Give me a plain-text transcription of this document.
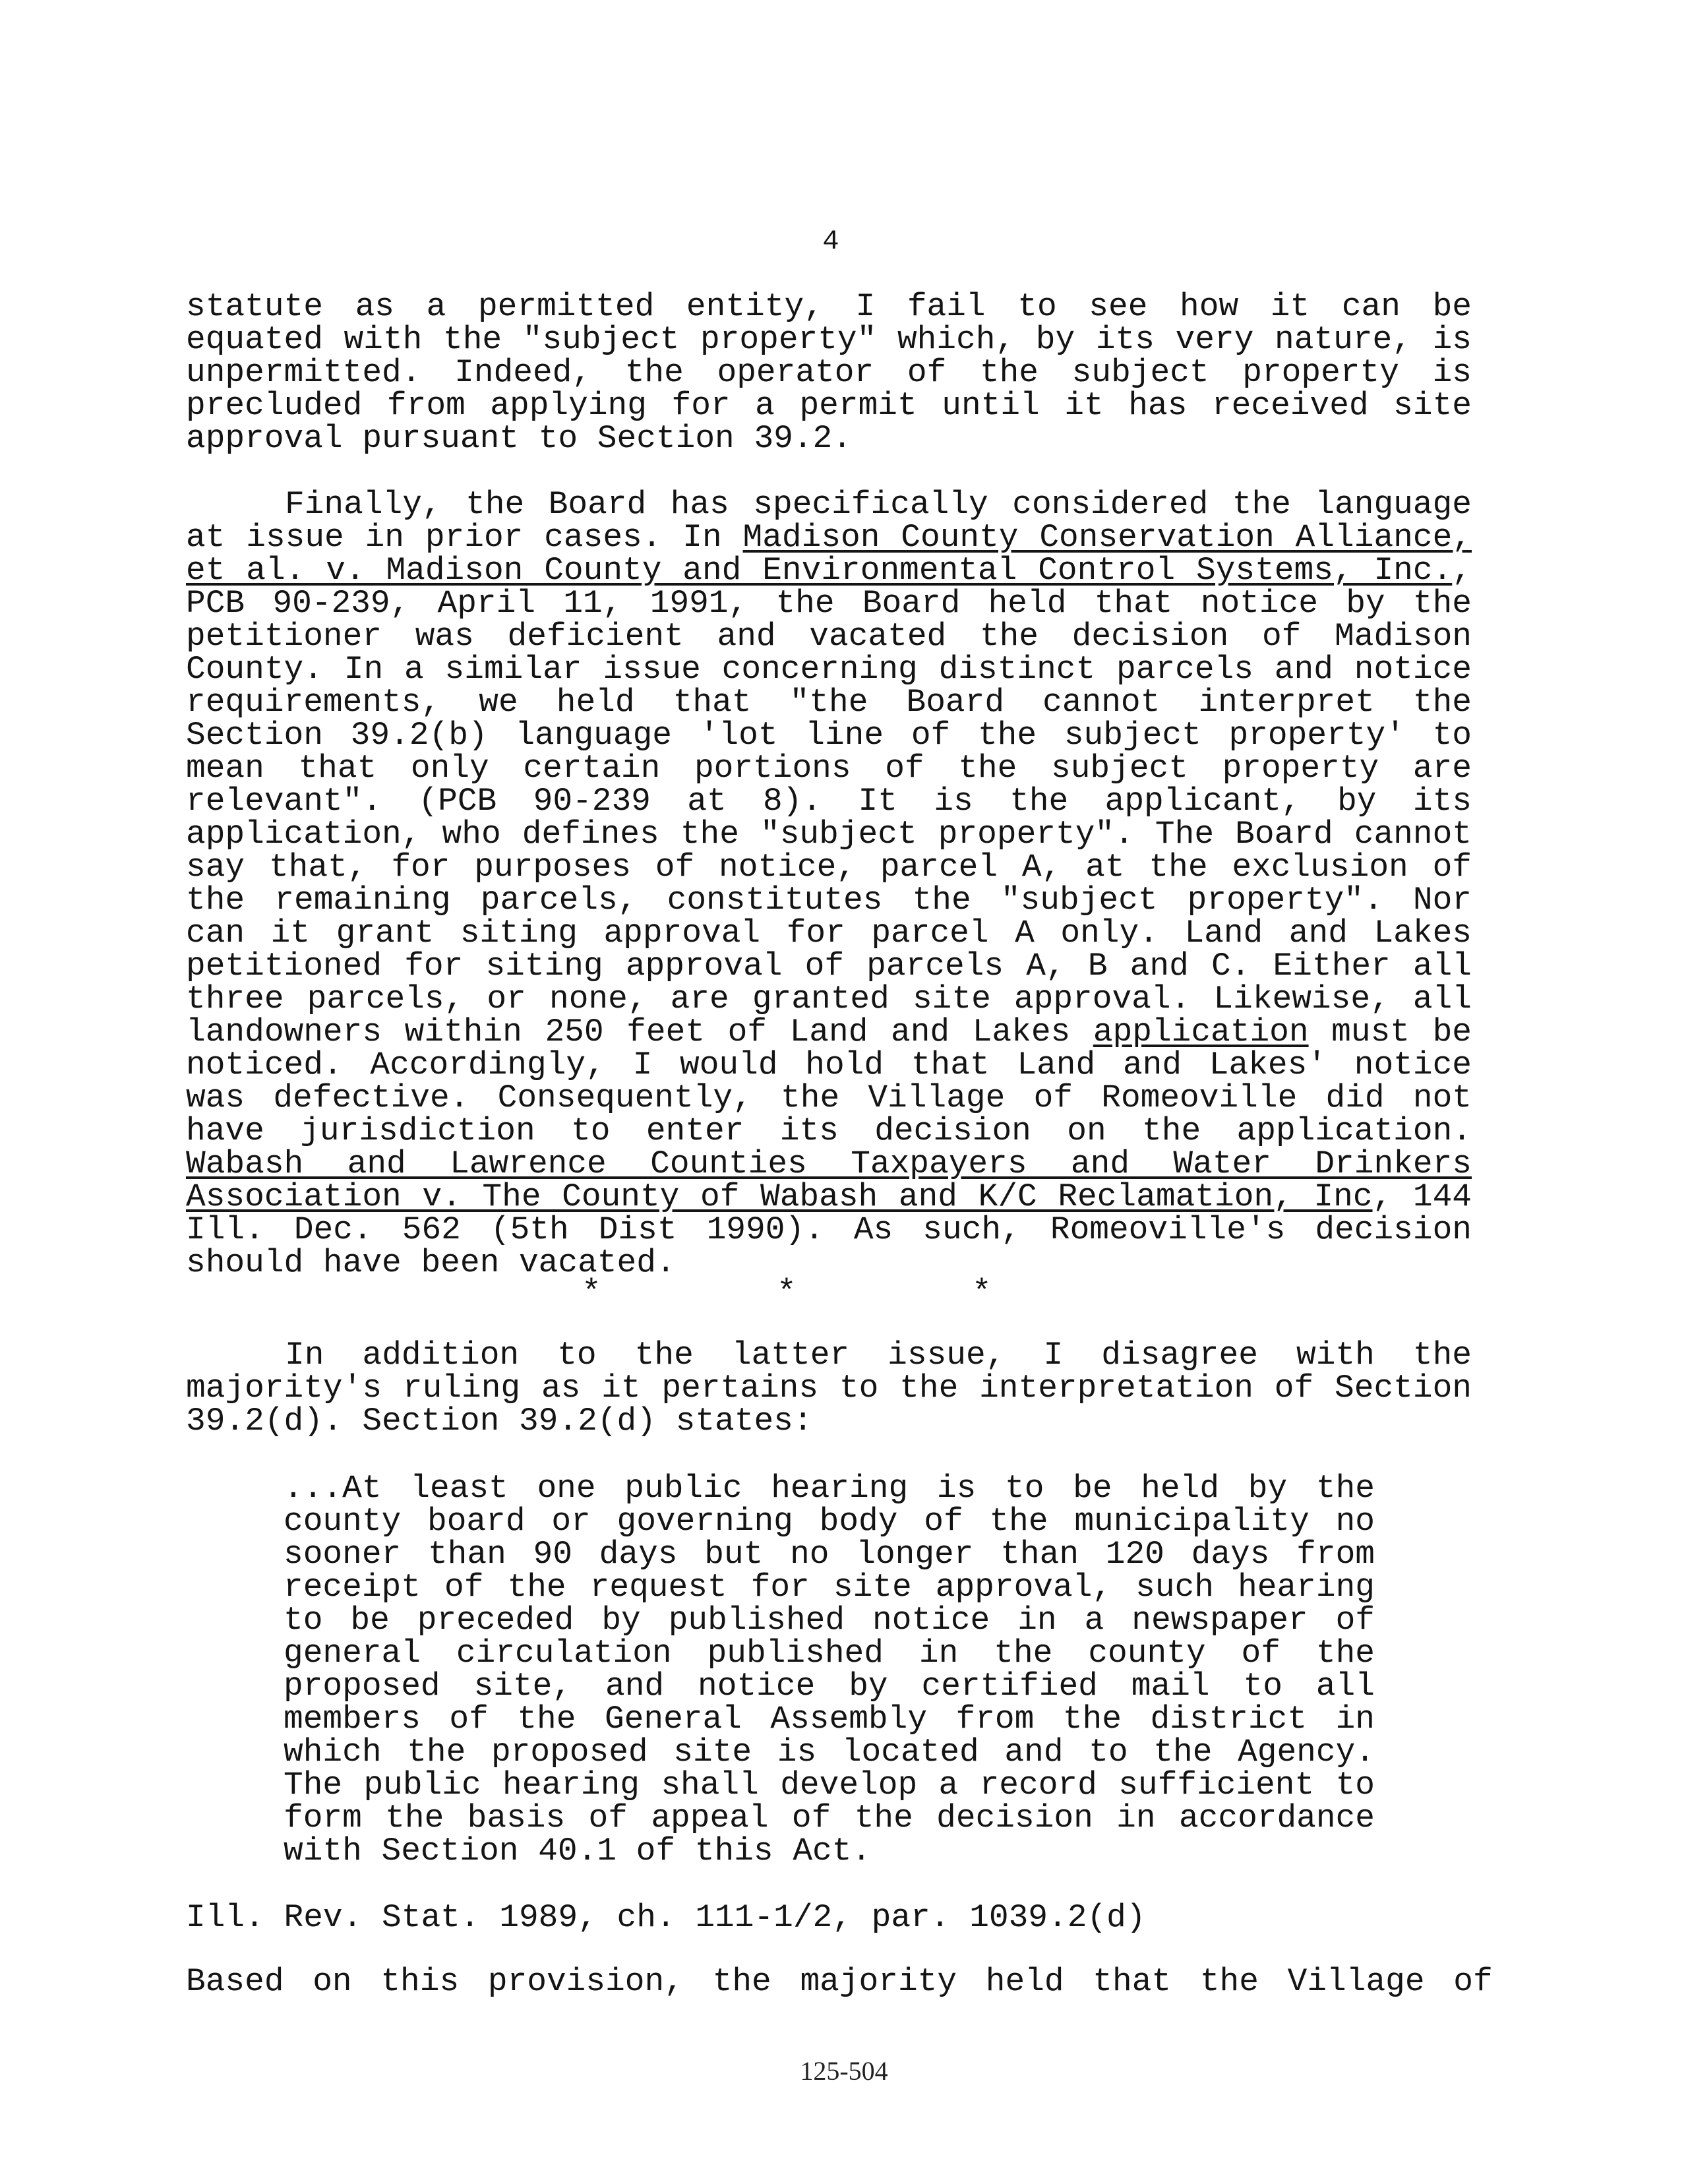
4

statute as a permitted entity, I fail to see how it can be equated with the "subject property" which, by its very nature, is unpermitted. Indeed, the operator of the subject property is precluded from applying for a permit until it has received site approval pursuant to Section 39.2.

Finally, the Board has specifically considered the language at issue in prior cases. In Madison County Conservation Alliance, et al. v. Madison County and Environmental Control Systems, Inc., PCB 90-239, April 11, 1991, the Board held that notice by the petitioner was deficient and vacated the decision of Madison County. In a similar issue concerning distinct parcels and notice requirements, we held that "the Board cannot interpret the Section 39.2(b) language 'lot line of the subject property' to mean that only certain portions of the subject property are relevant". (PCB 90-239 at 8). It is the applicant, by its application, who defines the "subject property". The Board cannot say that, for purposes of notice, parcel A, at the exclusion of the remaining parcels, constitutes the "subject property". Nor can it grant siting approval for parcel A only. Land and Lakes petitioned for siting approval of parcels A, B and C. Either all three parcels, or none, are granted site approval. Likewise, all landowners within 250 feet of Land and Lakes application must be noticed. Accordingly, I would hold that Land and Lakes' notice was defective. Consequently, the Village of Romeoville did not have jurisdiction to enter its decision on the application. Wabash and Lawrence Counties Taxpayers and Water Drinkers Association v. The County of Wabash and K/C Reclamation, Inc, 144 Ill. Dec. 562 (5th Dist 1990). As such, Romeoville's decision should have been vacated.

*	*	*

In addition to the latter issue, I disagree with the majority's ruling as it pertains to the interpretation of Section 39.2(d). Section 39.2(d) states:

...At least one public hearing is to be held by the county board or governing body of the municipality no sooner than 90 days but no longer than 120 days from receipt of the request for site approval, such hearing to be preceded by published notice in a newspaper of general circulation published in the county of the proposed site, and notice by certified mail to all members of the General Assembly from the district in which the proposed site is located and to the Agency. The public hearing shall develop a record sufficient to form the basis of appeal of the decision in accordance with Section 40.1 of this Act.

Ill. Rev. Stat. 1989, ch. 111-1/2, par. 1039.2(d)

Based on this provision, the majority held that the Village of

125-504
